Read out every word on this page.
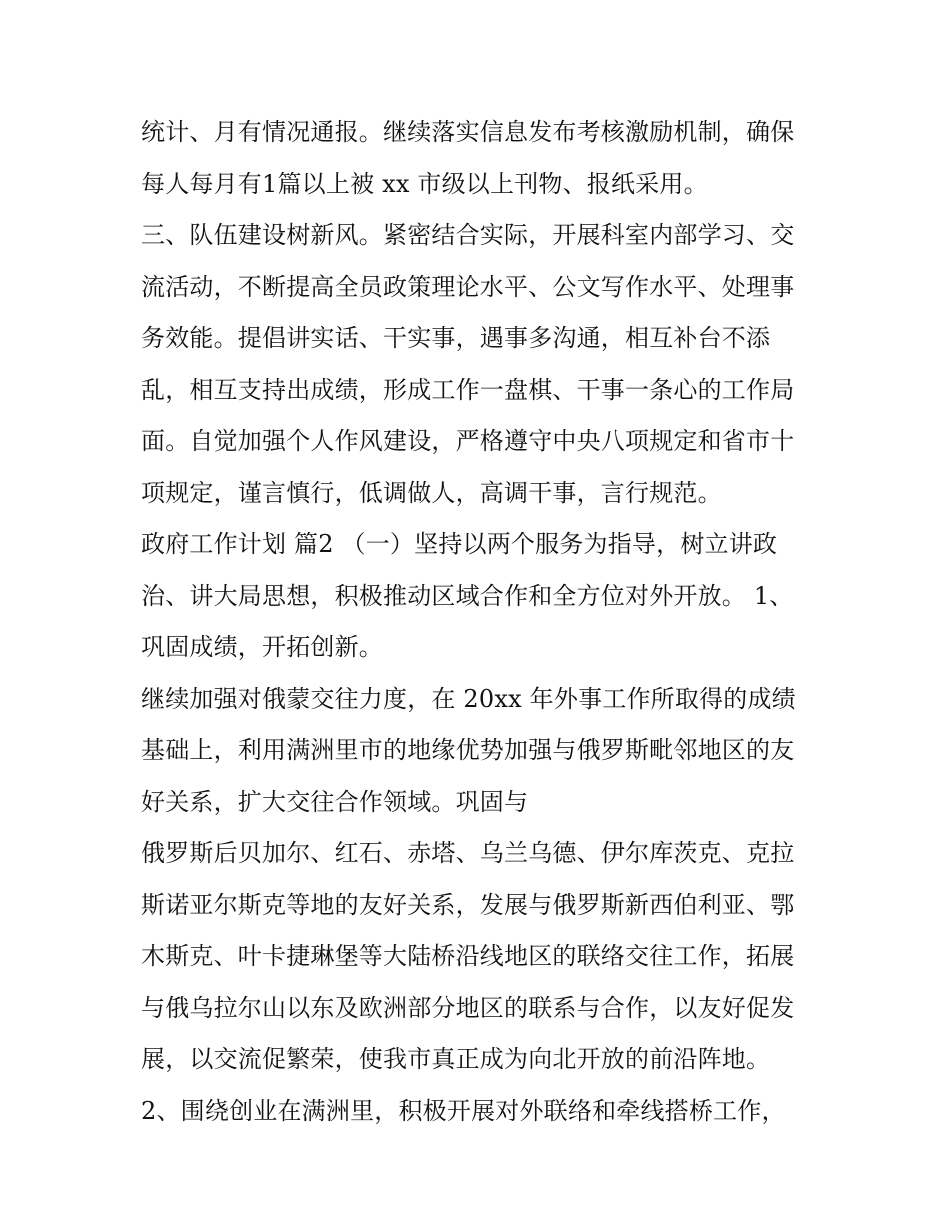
统计、月有情况通报。继续落实信息发布考核激励机制，确保
每人每月有1篇以上被 xx 市级以上刊物、报纸采用。

三、队伍建设树新风。紧密结合实际，开展科室内部学习、交
流活动，不断提高全员政策理论水平、公文写作水平、处理事
务效能。提倡讲实话、干实事，遇事多沟通，相互补台不添
乱，相互支持出成绩，形成工作一盘棋、干事一条心的工作局
面。自觉加强个人作风建设，严格遵守中央八项规定和省市十
项规定，谨言慎行，低调做人，高调干事，言行规范。

政府工作计划 篇2 （一）坚持以两个服务为指导，树立讲政
治、讲大局思想，积极推动区域合作和全方位对外开放。 1、
巩固成绩，开拓创新。

继续加强对俄蒙交往力度，在 20xx 年外事工作所取得的成绩
基础上，利用满洲里市的地缘优势加强与俄罗斯毗邻地区的友
好关系，扩大交往合作领域。巩固与

俄罗斯后贝加尔、红石、赤塔、乌兰乌德、伊尔库茨克、克拉
斯诺亚尔斯克等地的友好关系，发展与俄罗斯新西伯利亚、鄂
木斯克、叶卡捷琳堡等大陆桥沿线地区的联络交往工作，拓展
与俄乌拉尔山以东及欧洲部分地区的联系与合作，以友好促发
展，以交流促繁荣，使我市真正成为向北开放的前沿阵地。

2、围绕创业在满洲里，积极开展对外联络和牵线搭桥工作，
